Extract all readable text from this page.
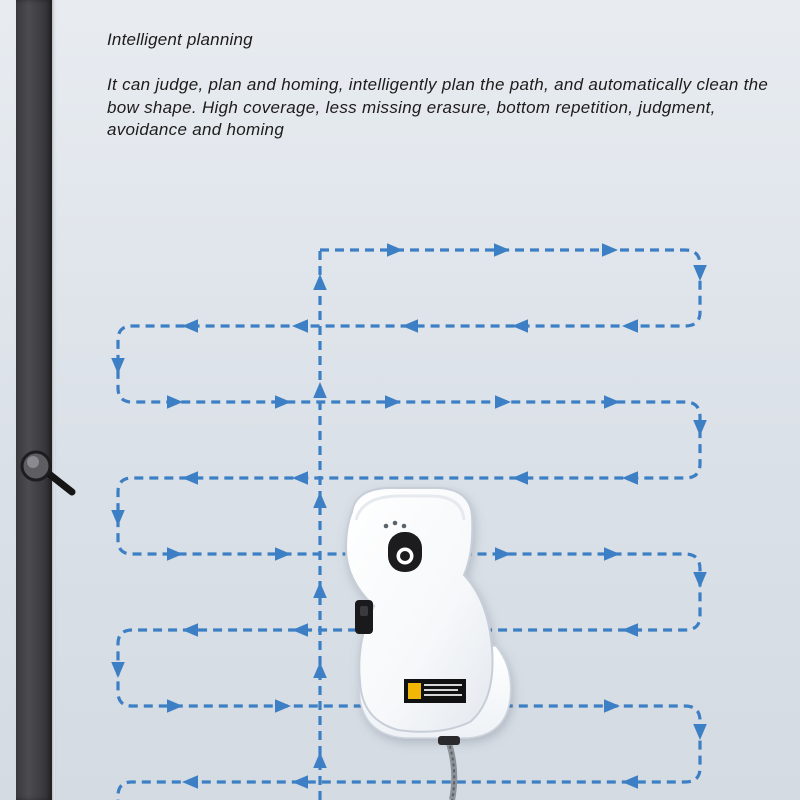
Intelligent planning

It can judge, plan and homing, intelligently plan the path, and automatically clean the bow shape. High coverage, less missing erasure, bottom repetition, judgment, avoidance and homing
